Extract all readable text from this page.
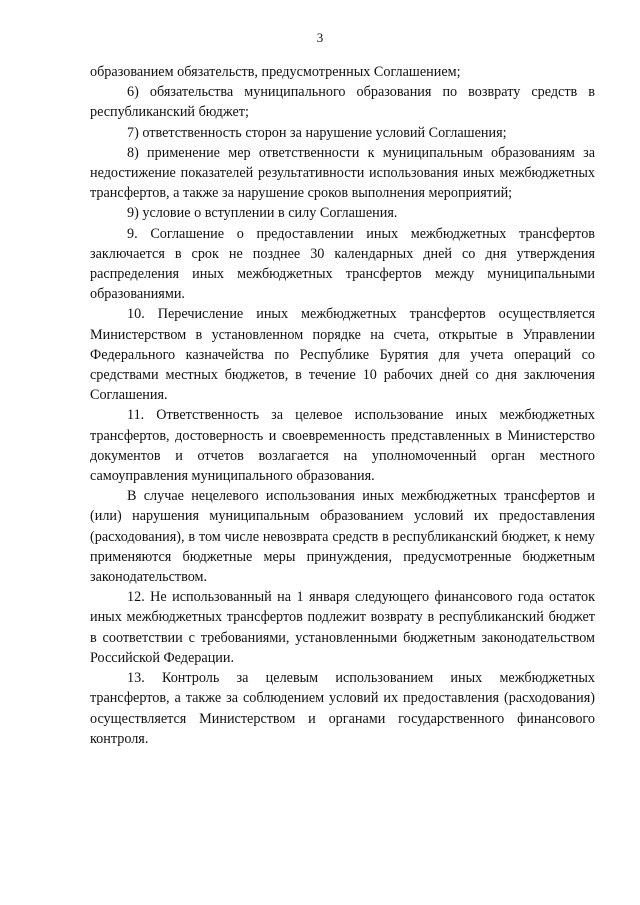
3

образованием обязательств, предусмотренных Соглашением;

6) обязательства муниципального образования по возврату средств в республиканский бюджет;

7) ответственность сторон за нарушение условий Соглашения;

8) применение мер ответственности к муниципальным образованиям за недостижение показателей результативности использования иных межбюджетных трансфертов, а также за нарушение сроков выполнения мероприятий;

9) условие о вступлении в силу Соглашения.

9. Соглашение о предоставлении иных межбюджетных трансфертов заключается в срок не позднее 30 календарных дней со дня утверждения распределения иных межбюджетных трансфертов между муниципальными образованиями.

10. Перечисление иных межбюджетных трансфертов осуществляется Министерством в установленном порядке на счета, открытые в Управлении Федерального казначейства по Республике Бурятия для учета операций со средствами местных бюджетов, в течение 10 рабочих дней со дня заключения Соглашения.

11. Ответственность за целевое использование иных межбюджетных трансфертов, достоверность и своевременность представленных в Министерство документов и отчетов возлагается на уполномоченный орган местного самоуправления муниципального образования.

В случае нецелевого использования иных межбюджетных трансфертов и (или) нарушения муниципальным образованием условий их предоставления (расходования), в том числе невозврата средств в республиканский бюджет, к нему применяются бюджетные меры принуждения, предусмотренные бюджетным законодательством.

12. Не использованный на 1 января следующего финансового года остаток иных межбюджетных трансфертов подлежит возврату в республиканский бюджет в соответствии с требованиями, установленными бюджетным законодательством Российской Федерации.

13. Контроль за целевым использованием иных межбюджетных трансфертов, а также за соблюдением условий их предоставления (расходования) осуществляется Министерством и органами государственного финансового контроля.
